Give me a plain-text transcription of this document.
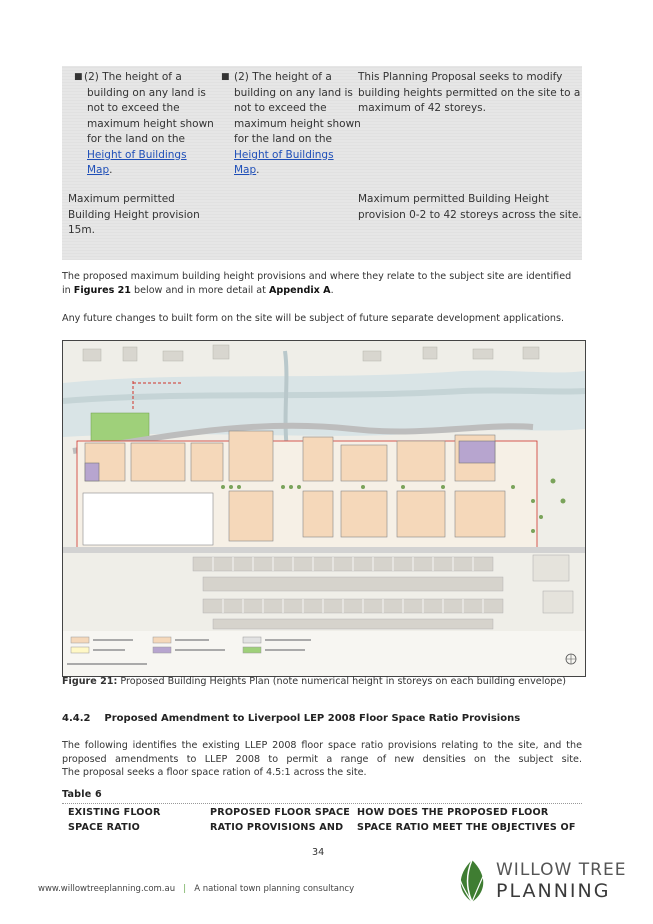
■ (2) The height of a
building on any land is
not to exceed the
maximum height shown
for the land on the
Height of Buildings
Map.
Maximum permitted
Building Height provision
15m.
■ (2) The height of a
building on any land is
not to exceed the
maximum height shown
for the land on the
Height of Buildings
Map.
This Planning Proposal seeks to modify
building heights permitted on the site to a
maximum of 42 storeys.
Maximum permitted Building Height
provision 0-2 to 42 storeys across the site.
The proposed maximum building height provisions and where they relate to the subject site are identified
in Figures 21 below and in more detail at Appendix A.
Any future changes to built form on the site will be subject of future separate development applications.
Figure 21: Proposed Building Heights Plan (note numerical height in storeys on each building envelope)
4.4.2 Proposed Amendment to Liverpool LEP 2008 Floor Space Ratio Provisions
The following identifies the existing LLEP 2008 floor space ratio provisions relating to the site, and the
proposed amendments to LLEP 2008 to permit a range of new densities on the subject site.
The proposal seeks a floor space ration of 4.5:1 across the site.
Table 6
EXISTING FLOOR
SPACE RATIO
PROPOSED FLOOR SPACE
RATIO PROVISIONS AND
HOW DOES THE PROPOSED FLOOR
SPACE RATIO MEET THE OBJECTIVES OF
34
www.willowtreeplanning.com.au | A national town planning consultancy
WILLOW TREE
PLANNING
